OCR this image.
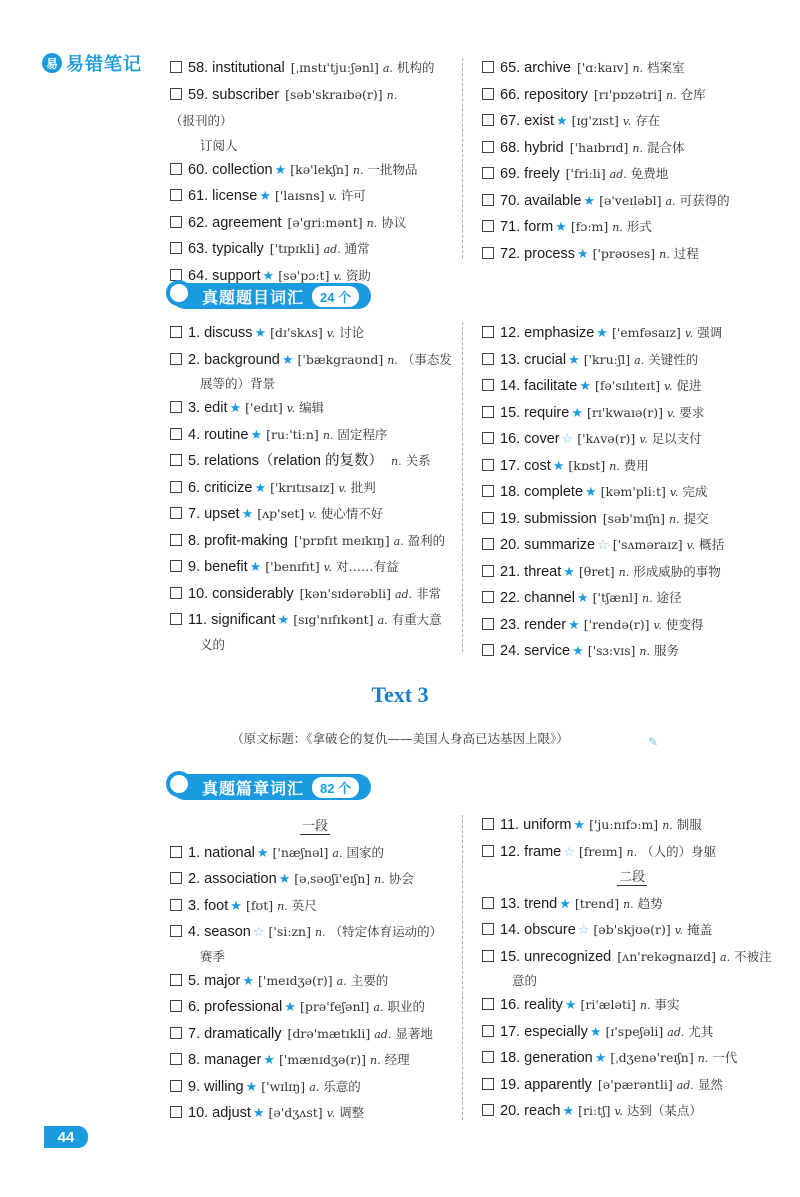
易 易错笔记	58. institutional [ˌɪnstɪ'tjuːʃənl] a. 机构的
59. subscriber [səb'skraɪbə(r)] n.（报刊的）
订阅人
60. collection ★ [kə'lekʃn] n. 一批物品
61. license ★ ['laɪsns] v. 许可
62. agreement [ə'griːmənt] n. 协议
63. typically ['tɪpɪkli] ad. 通常
64. support ★ [sə'pɔːt] v. 资助
65. archive ['ɑːkaɪv] n. 档案室
66. repository [rɪ'pɒzətri] n. 仓库
67. exist ★ [ɪg'zɪst] v. 存在
68. hybrid ['haɪbrɪd] n. 混合体
69. freely ['friːli] ad. 免费地
70. available ★ [ə'veɪləbl] a. 可获得的
71. form ★ [fɔːm] n. 形式
72. process ★ ['prəʊses] n. 过程
真题题目词汇	24 个
1. discuss ★ [dɪ'skʌs] v. 讨论
2. background ★ ['bækgraʊnd] n. （事态发
展等的）背景
3. edit ★ ['edɪt] v. 编辑
4. routine ★ [ruː'tiːn] n. 固定程序
5. relations（relation 的复数） n. 关系
6. criticize ★ ['krɪtɪsaɪz] v. 批判
7. upset ★ [ʌp'set] v. 使心情不好
8. profit-making ['prɒfɪt meɪkɪŋ] a. 盈利的
9. benefit ★ ['benɪfɪt] v. 对……有益
10. considerably [kən'sɪdərəbli] ad. 非常
11. significant ★ [sɪg'nɪfɪkənt] a. 有重大意
义的
12. emphasize ★ ['emfəsaɪz] v. 强调
13. crucial ★ ['kruːʃl] a. 关键性的
14. facilitate ★ [fə'sɪlɪteɪt] v. 促进
15. require ★ [rɪ'kwaɪə(r)] v. 要求
16. cover ☆ ['kʌvə(r)] v. 足以支付
17. cost ★ [kɒst] n. 费用
18. complete ★ [kəm'pliːt] v. 完成
19. submission [səb'mɪʃn] n. 提交
20. summarize ☆ ['sʌməraɪz] v. 概括
21. threat ★ [θret] n. 形成威胁的事物
22. channel ★ ['tʃænl] n. 途径
23. render ★ ['rendə(r)] v. 使变得
24. service ★ ['sɜːvɪs] n. 服务
Text 3
（原文标题：《拿破仑的复仇——美国人身高已达基因上限》）	✎
真题篇章词汇	82 个
一段
1. national ★ ['næʃnəl] a. 国家的
2. association ★ [əˌsəʊʃi'eɪʃn] n. 协会
3. foot ★ [fʊt] n. 英尺
4. season ☆ ['siːzn] n. （特定体育运动的）
赛季
5. major ★ ['meɪdʒə(r)] a. 主要的
6. professional ★ [prə'feʃənl] a. 职业的
7. dramatically [drə'mætɪkli] ad. 显著地
8. manager ★ ['mænɪdʒə(r)] n. 经理
9. willing ★ ['wɪlɪŋ] a. 乐意的
10. adjust ★ [ə'dʒʌst] v. 调整
11. uniform ★ ['juːnɪfɔːm] n. 制服
12. frame ☆ [freɪm] n. （人的）身躯
二段
13. trend ★ [trend] n. 趋势
14. obscure ☆ [əb'skjʊə(r)] v. 掩盖
15. unrecognized [ʌn'rekəgnaɪzd] a. 不被注
意的
16. reality ★ [ri'æləti] n. 事实
17. especially ★ [ɪ'speʃəli] ad. 尤其
18. generation ★ [ˌdʒenə'reɪʃn] n. 一代
19. apparently [ə'pærəntli] ad. 显然
20. reach ★ [riːtʃ] v. 达到（某点）
44
